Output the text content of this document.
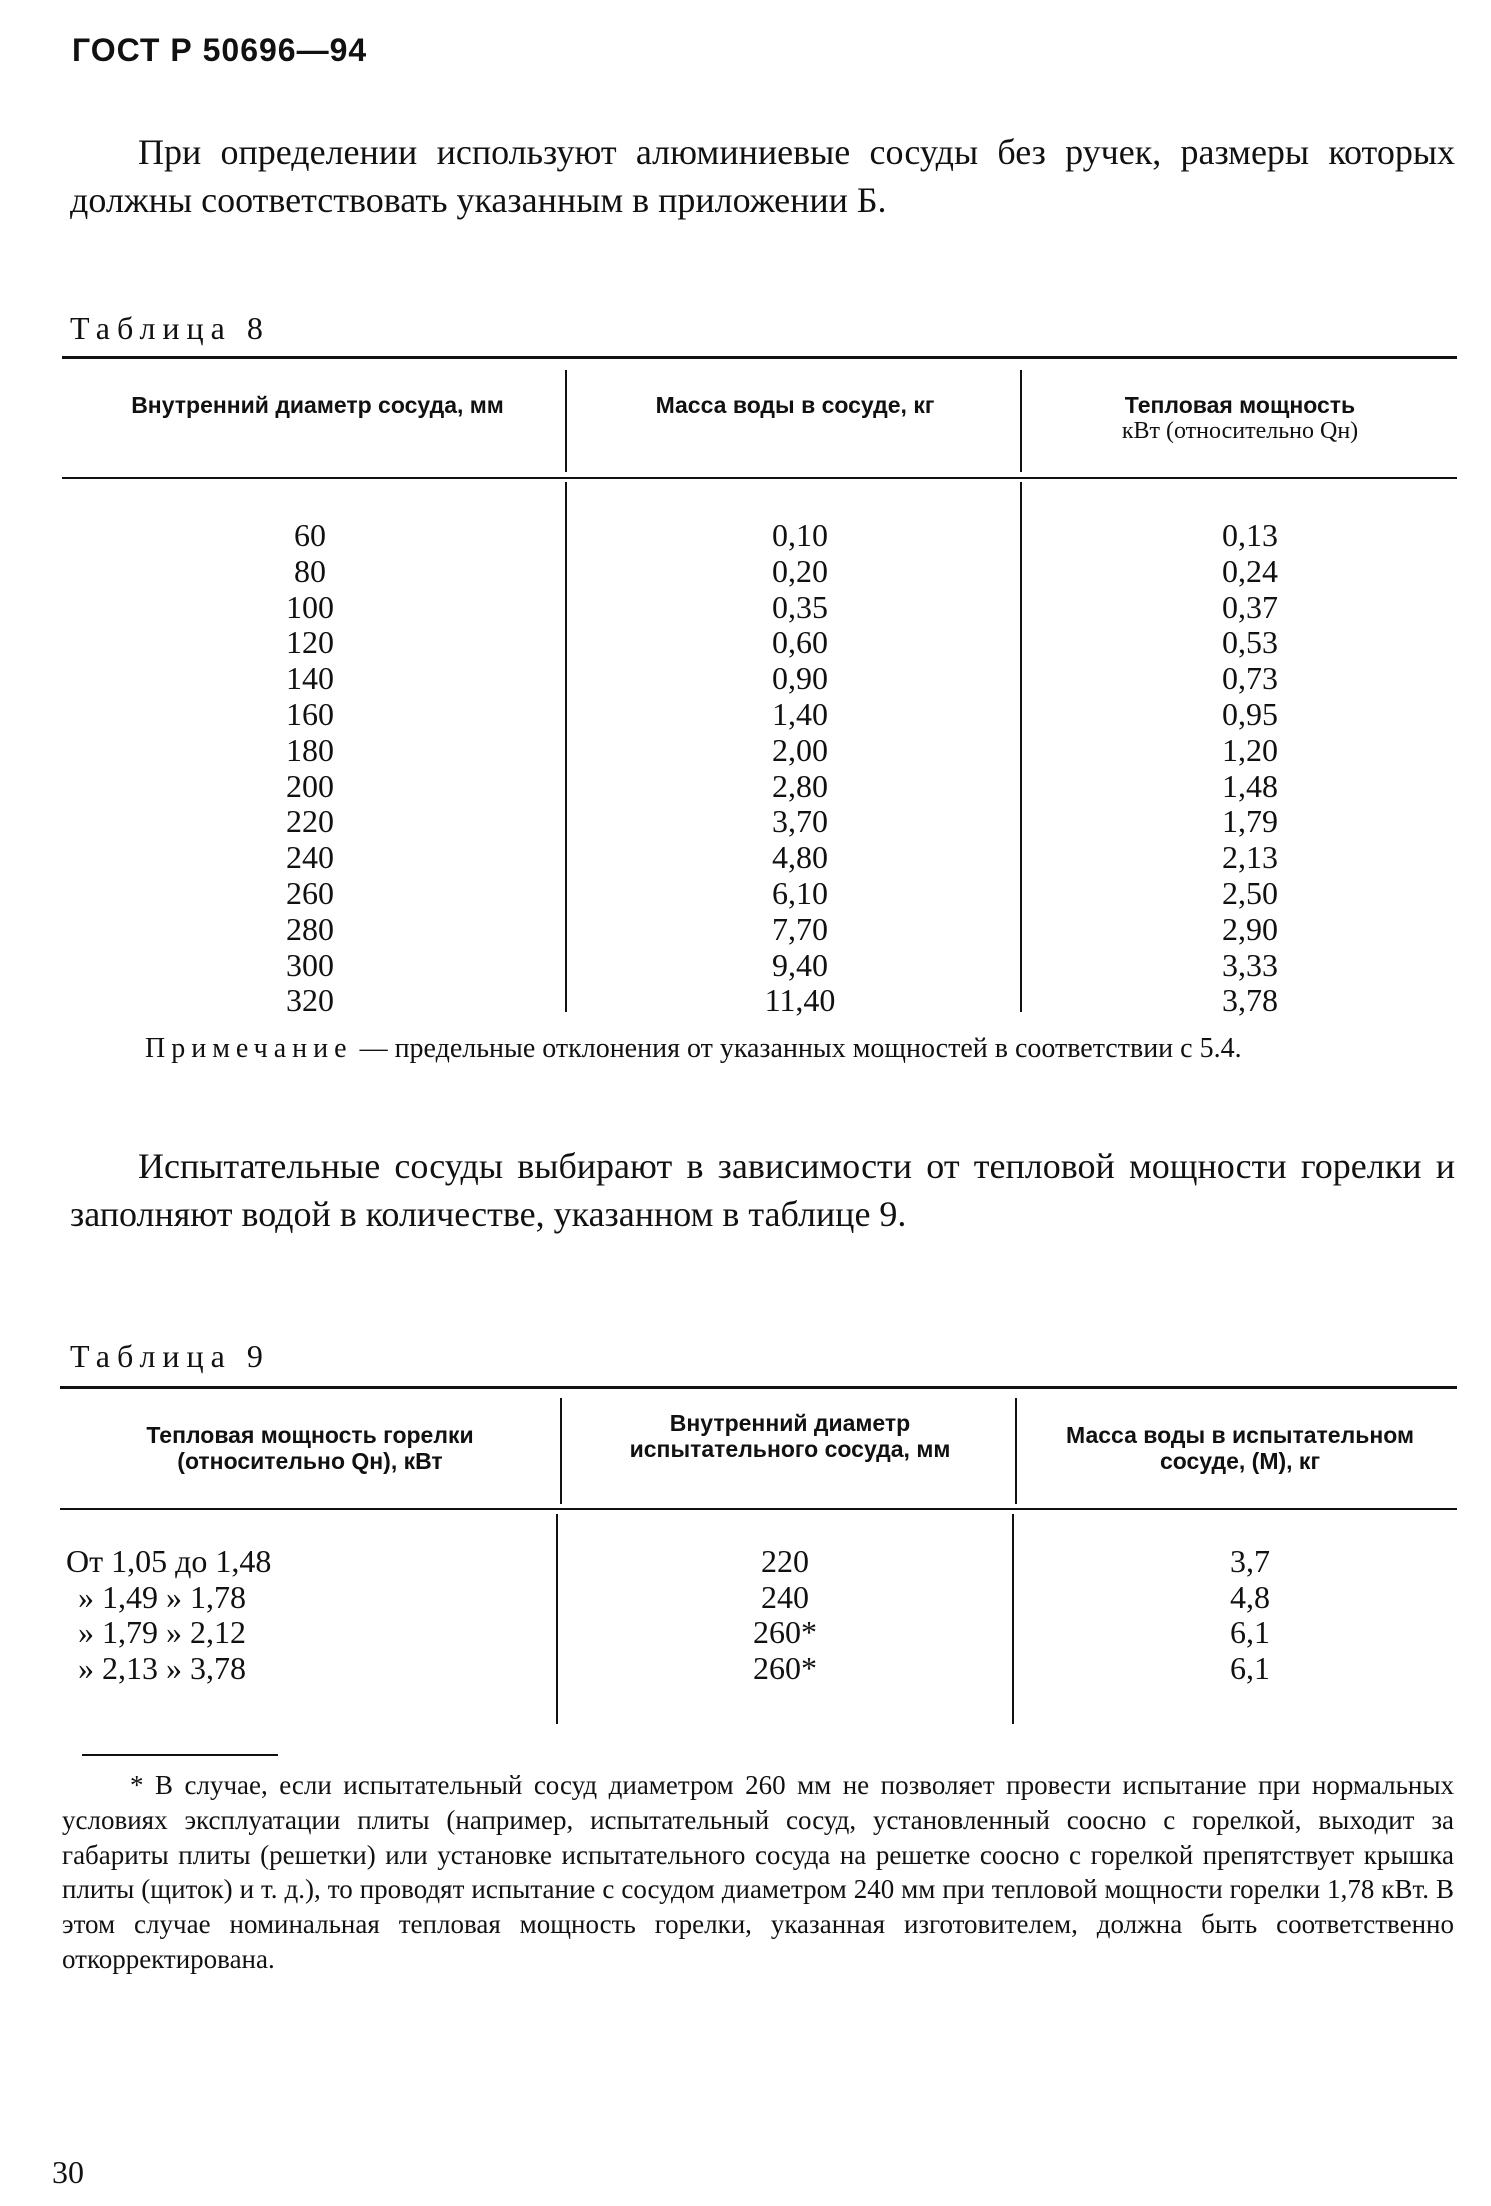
ГОСТ Р 50696—94

При определении используют алюминиевые сосуды без ручек, размеры которых должны соответствовать указанным в приложении Б.

Таблица 8
Внутренний диаметр сосуда, мм	Масса воды в сосуде, кг	Тепловая мощность
кВт (относительно Qн)
60
80
100
120
140
160
180
200
220
240
260
280
300
320
0,10
0,20
0,35
0,60
0,90
1,40
2,00
2,80
3,70
4,80
6,10
7,70
9,40
11,40
0,13
0,24
0,37
0,53
0,73
0,95
1,20
1,48
1,79
2,13
2,50
2,90
3,33
3,78
Примечание — предельные отклонения от указанных мощностей в соответствии с 5.4.

Испытательные сосуды выбирают в зависимости от тепловой мощности горелки и заполняют водой в количестве, указанном в таблице 9.

Таблица 9
Тепловая мощность горелки (относительно Qн), кВт
Внутренний диаметр испытательного сосуда, мм
Масса воды в испытательном сосуде, (M), кг
От 1,05 до 1,48
» 1,49 » 1,78
» 1,79 » 2,12
» 2,13 » 3,78
220
240
260*
260*
3,7
4,8
6,1
6,1

* В случае, если испытательный сосуд диаметром 260 мм не позволяет провести испытание при нормальных условиях эксплуатации плиты (например, испытательный сосуд, установленный соосно с горелкой, выходит за габариты плиты (решетки) или установке испытательного сосуда на решетке соосно с горелкой препятствует крышка плиты (щиток) и т. д.), то проводят испытание с сосудом диаметром 240 мм при тепловой мощности горелки 1,78 кВт. В этом случае номинальная тепловая мощность горелки, указанная изготовителем, должна быть соответственно откорректирована.

30
